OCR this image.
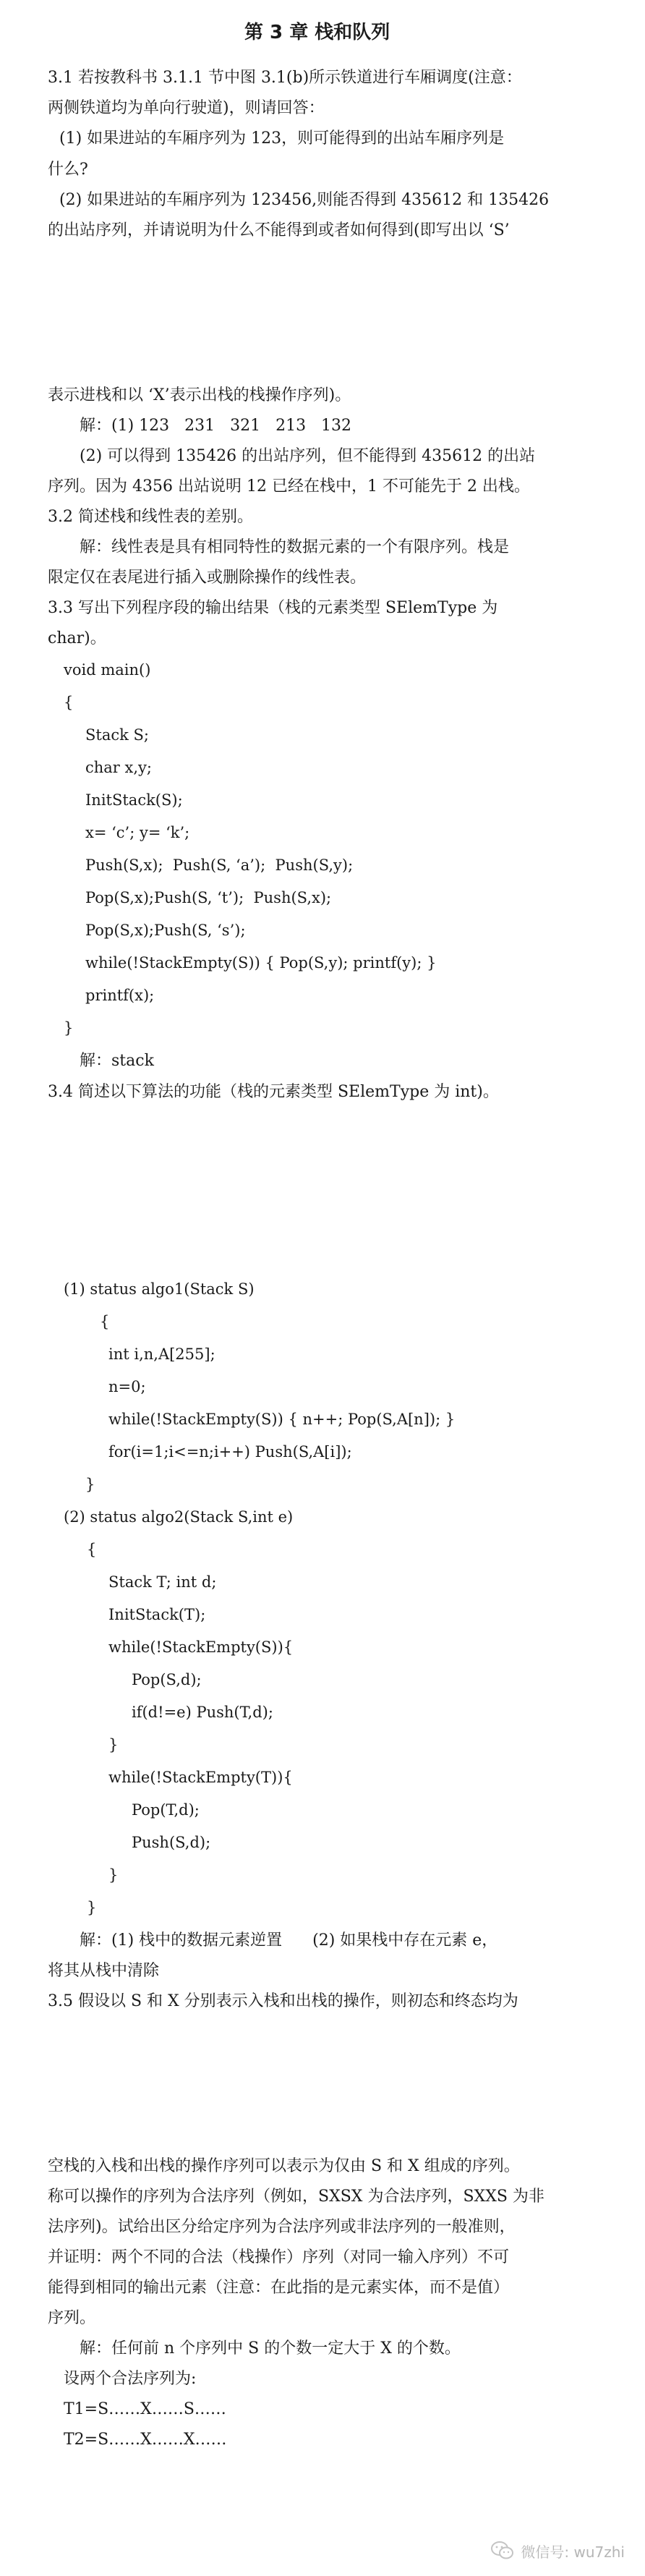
第 3 章 栈和队列
3.1 若按教科书 3.1.1 节中图 3.1(b)所示铁道进行车厢调度(注意：
两侧铁道均为单向行驶道)，则请回答：
(1) 如果进站的车厢序列为 123，则可能得到的出站车厢序列是
什么?
(2) 如果进站的车厢序列为 123456,则能否得到 435612 和 135426
的出站序列，并请说明为什么不能得到或者如何得到(即写出以 ‘S’
表示进栈和以 ‘X’表示出栈的栈操作序列)。
解：(1) 123   231   321   213   132
(2) 可以得到 135426 的出站序列，但不能得到 435612 的出站
序列。因为 4356 出站说明 12 已经在栈中，1 不可能先于 2 出栈。
3.2 简述栈和线性表的差别。
解：线性表是具有相同特性的数据元素的一个有限序列。栈是
限定仅在表尾进行插入或删除操作的线性表。
3.3 写出下列程序段的输出结果（栈的元素类型 SElemType 为
char)。
void main()
{
Stack S;
char x,y;
InitStack(S);
x= ‘c’; y= ‘k’;
Push(S,x);  Push(S, ‘a’);  Push(S,y);
Pop(S,x);Push(S, ‘t’);  Push(S,x);
Pop(S,x);Push(S, ‘s’);
while(!StackEmpty(S)) { Pop(S,y); printf(y); }
printf(x);
}
解：stack
3.4 简述以下算法的功能（栈的元素类型 SElemType 为 int)。
(1) status algo1(Stack S)
{
int i,n,A[255];
n=0;
while(!StackEmpty(S)) { n++; Pop(S,A[n]); }
for(i=1;i<=n;i++) Push(S,A[i]);
}
(2) status algo2(Stack S,int e)
{
Stack T; int d;
InitStack(T);
while(!StackEmpty(S)){
Pop(S,d);
if(d!=e) Push(T,d);
}
while(!StackEmpty(T)){
Pop(T,d);
Push(S,d);
}
}
解：(1) 栈中的数据元素逆置      (2) 如果栈中存在元素 e，
将其从栈中清除
3.5 假设以 S 和 X 分别表示入栈和出栈的操作，则初态和终态均为
空栈的入栈和出栈的操作序列可以表示为仅由 S 和 X 组成的序列。
称可以操作的序列为合法序列（例如，SXSX 为合法序列，SXXS 为非
法序列)。试给出区分给定序列为合法序列或非法序列的一般准则，
并证明：两个不同的合法（栈操作）序列（对同一输入序列）不可
能得到相同的输出元素（注意：在此指的是元素实体，而不是值）
序列。
解：任何前 n 个序列中 S 的个数一定大于 X 的个数。
设两个合法序列为:
T1=S……X……S……
T2=S……X……X……
微信号: wu7zhi
